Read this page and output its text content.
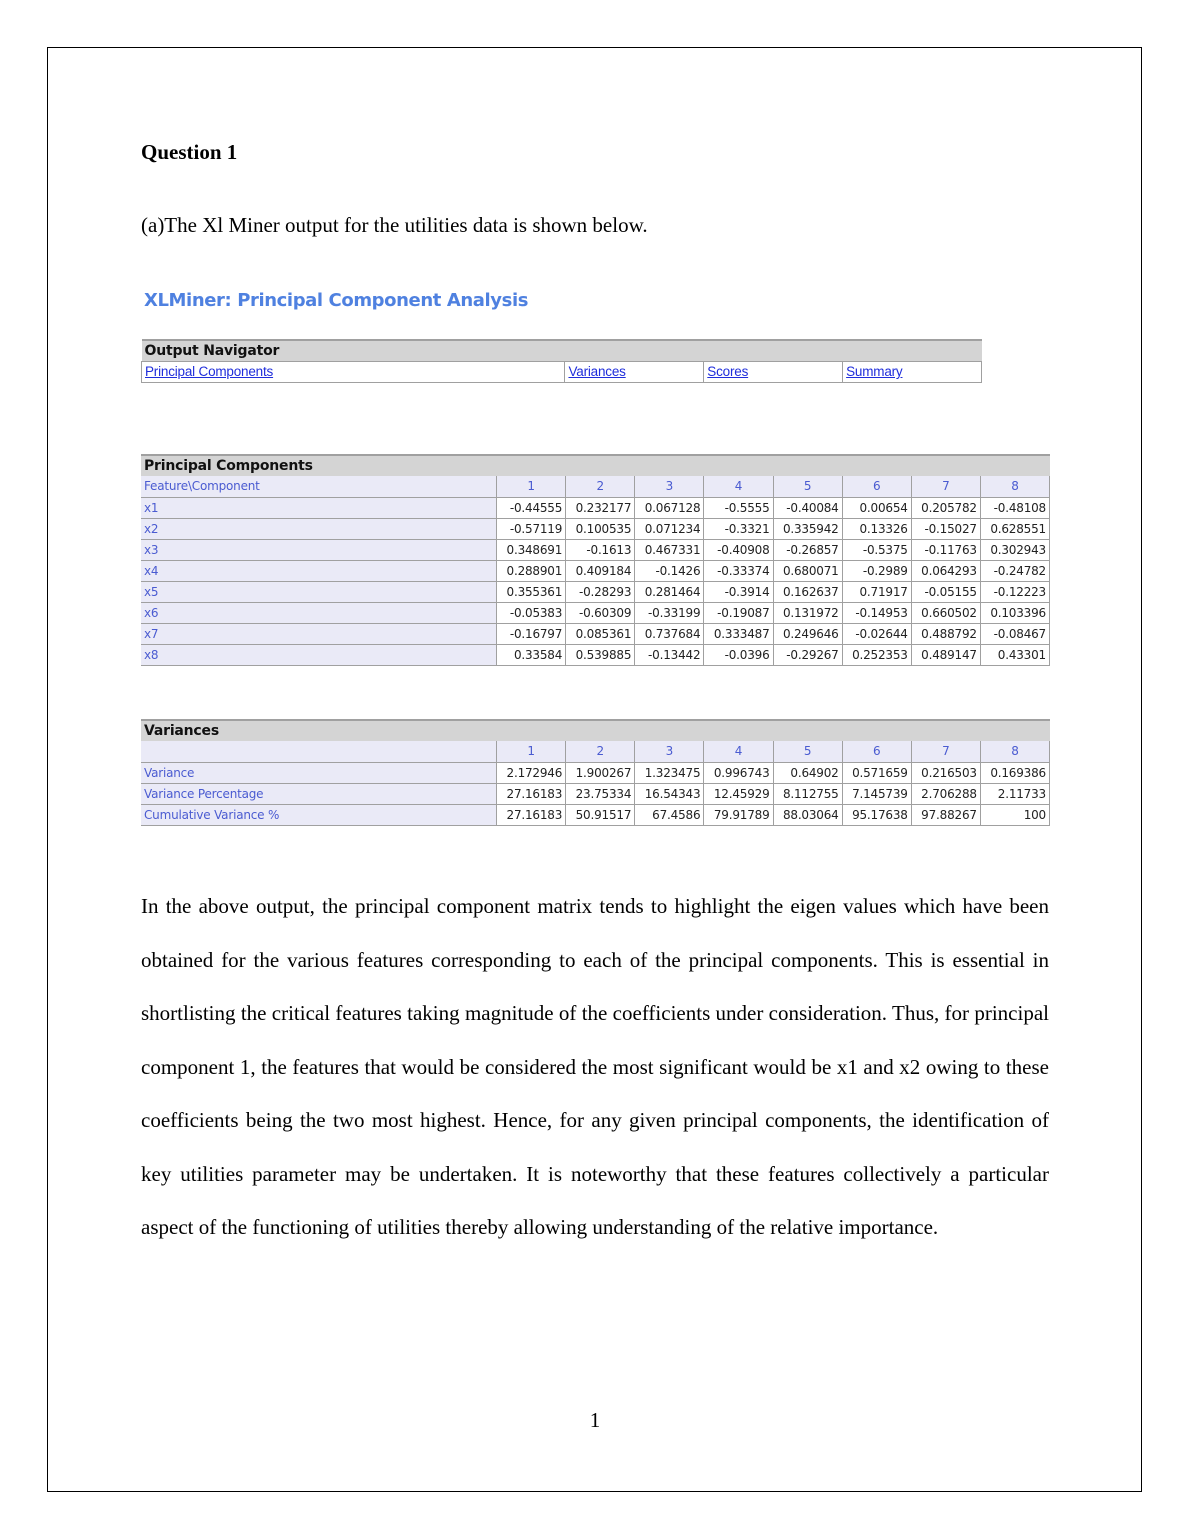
Question 1
(a)The Xl Miner output for the utilities data is shown below.
XLMiner: Principal Component Analysis
Output Navigator
Principal Components	Variances	Scores	Summary
Principal Components								
Feature\Component	1	2	3	4	5	6	7	8
x1	-0.44555	0.232177	0.067128	-0.5555	-0.40084	0.00654	0.205782	-0.48108
x2	-0.57119	0.100535	0.071234	-0.3321	0.335942	0.13326	-0.15027	0.628551
x3	0.348691	-0.1613	0.467331	-0.40908	-0.26857	-0.5375	-0.11763	0.302943
x4	0.288901	0.409184	-0.1426	-0.33374	0.680071	-0.2989	0.064293	-0.24782
x5	0.355361	-0.28293	0.281464	-0.3914	0.162637	0.71917	-0.05155	-0.12223
x6	-0.05383	-0.60309	-0.33199	-0.19087	0.131972	-0.14953	0.660502	0.103396
x7	-0.16797	0.085361	0.737684	0.333487	0.249646	-0.02644	0.488792	-0.08467
x8	0.33584	0.539885	-0.13442	-0.0396	-0.29267	0.252353	0.489147	0.43301
Variances								
	1	2	3	4	5	6	7	8
Variance	2.172946	1.900267	1.323475	0.996743	0.64902	0.571659	0.216503	0.169386
Variance Percentage	27.16183	23.75334	16.54343	12.45929	8.112755	7.145739	2.706288	2.11733
Cumulative Variance %	27.16183	50.91517	67.4586	79.91789	88.03064	95.17638	97.88267	100
In the above output, the principal component matrix tends to highlight the eigen values which have been obtained for the various features corresponding to each of the principal components. This is essential in shortlisting the critical features taking magnitude of the coefficients under consideration. Thus, for principal component 1, the features that would be considered the most significant would be x1 and x2 owing to these coefficients being the two most highest. Hence, for any given principal components, the identification of key utilities parameter may be undertaken. It is noteworthy that these features collectively a particular aspect of the functioning of utilities thereby allowing understanding of the relative importance.
1
